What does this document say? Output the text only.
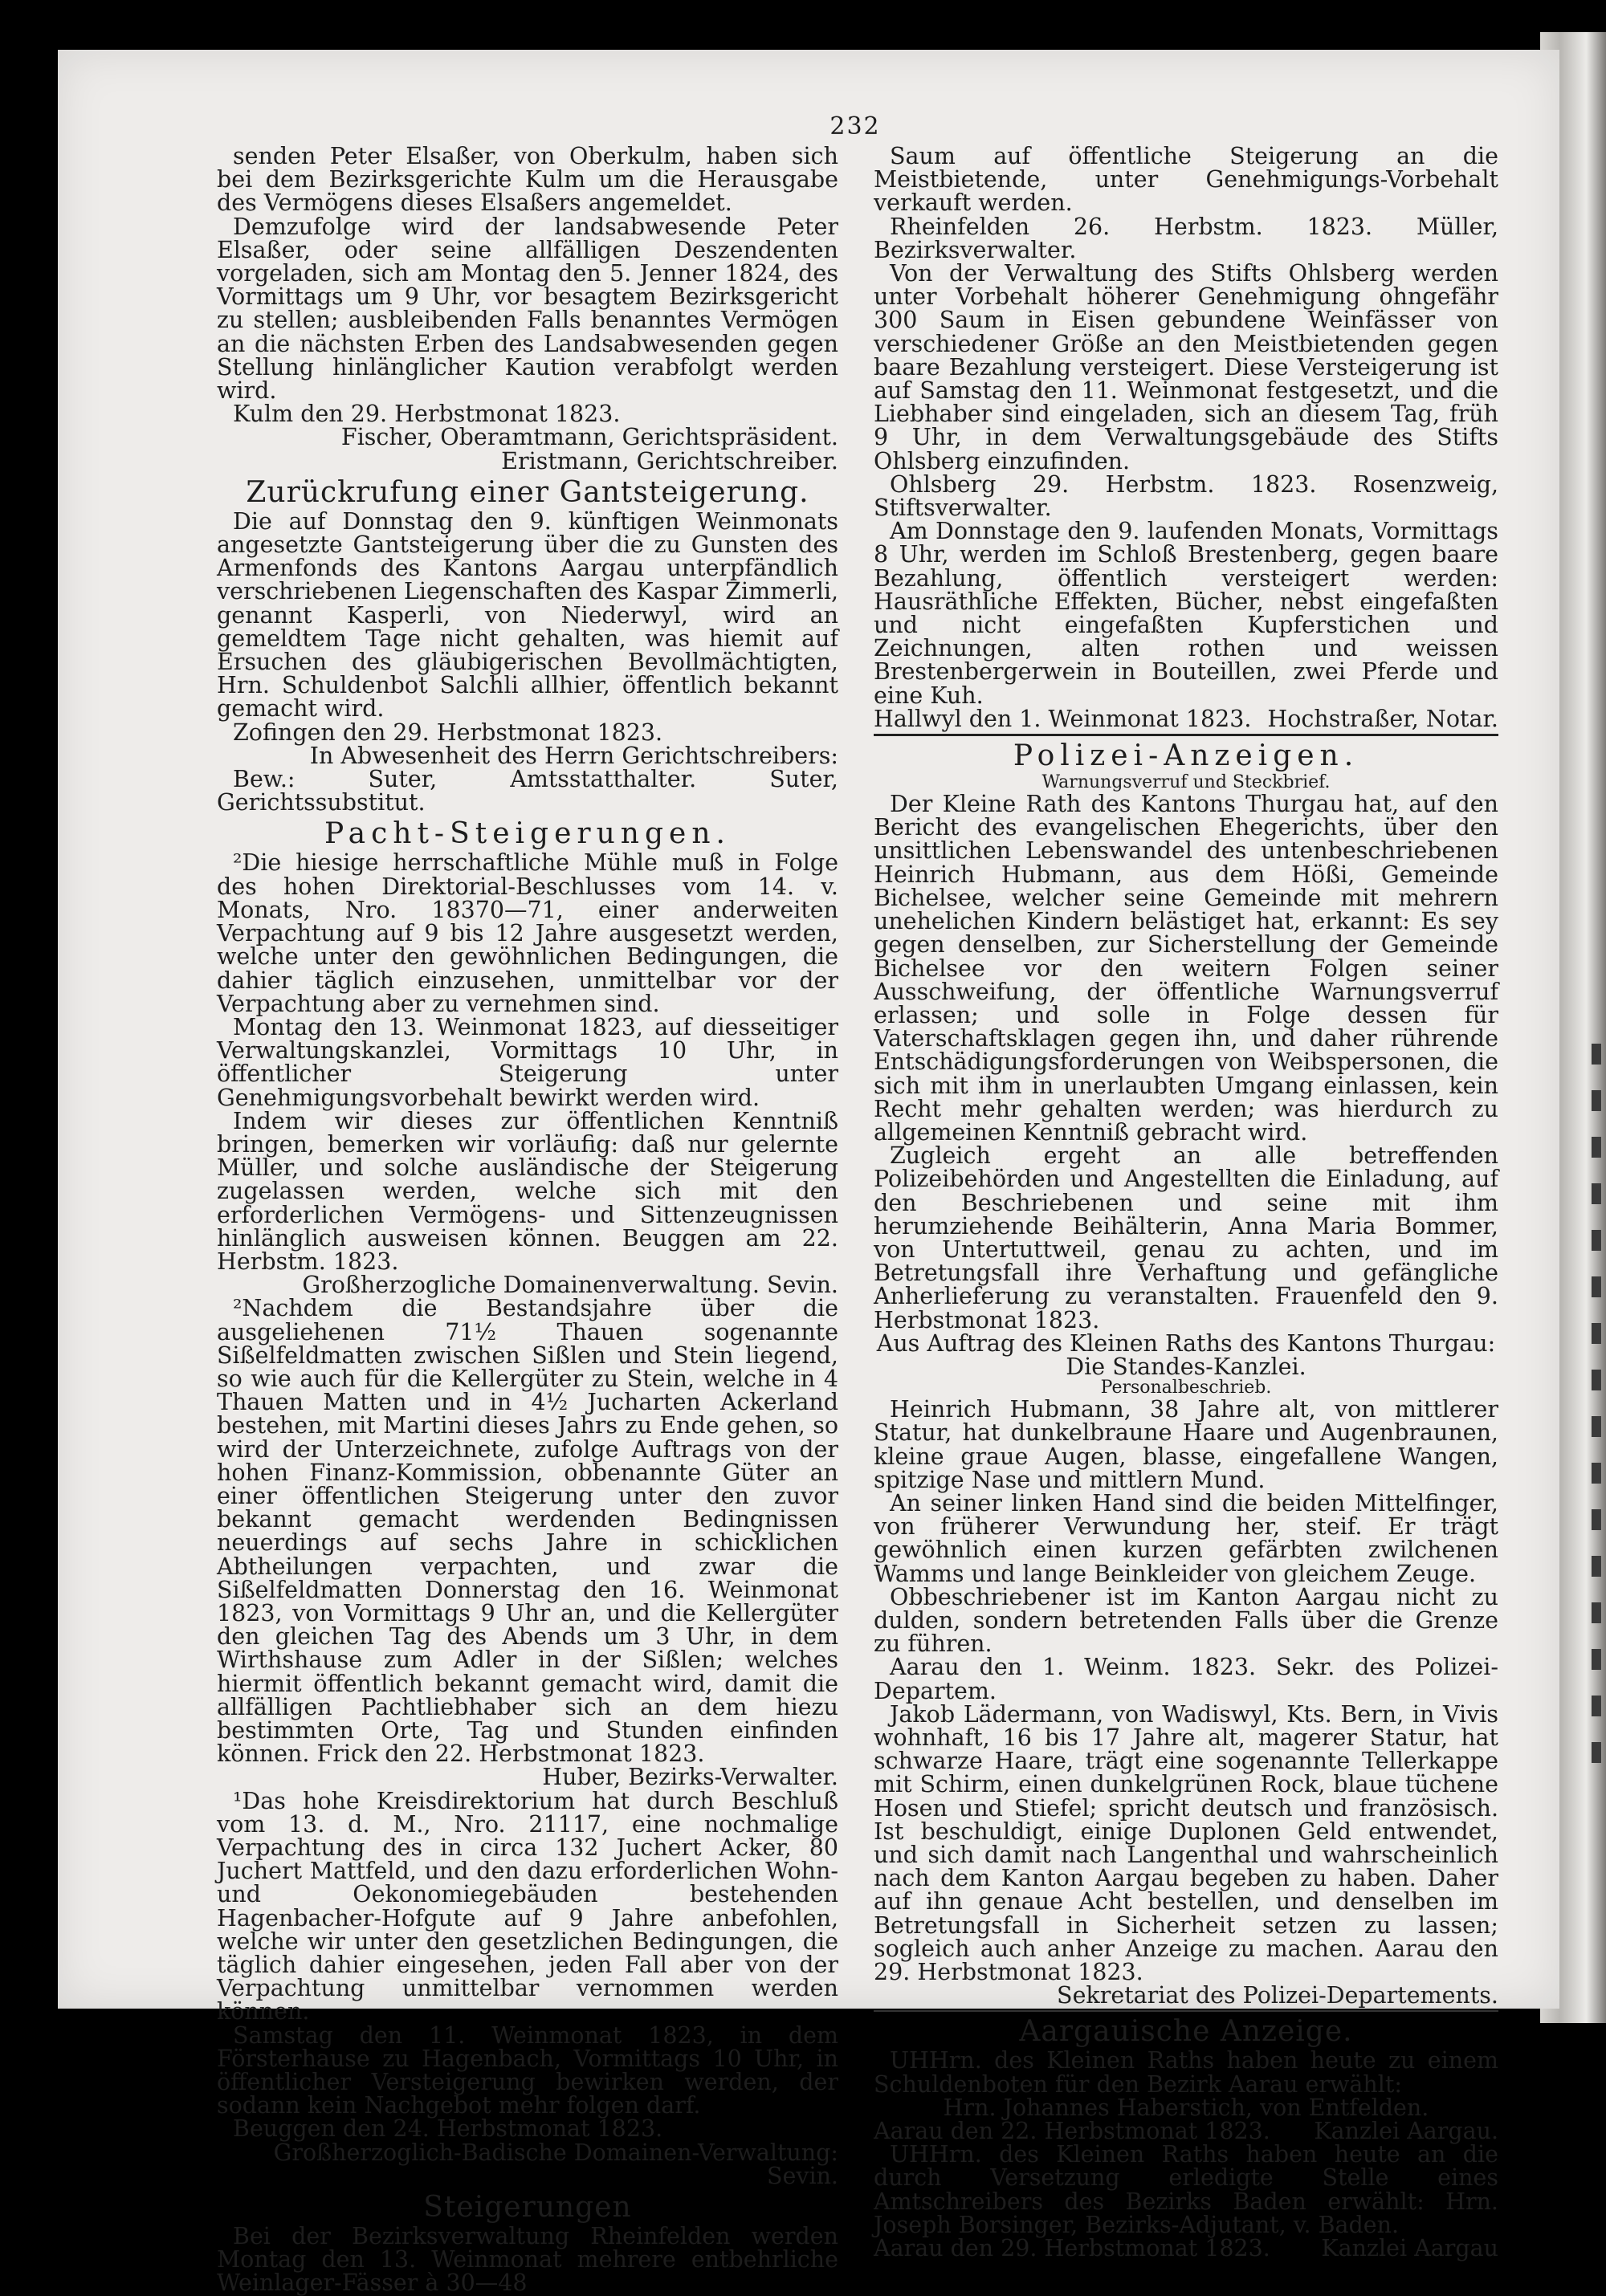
232

senden Peter Elsaßer, von Oberkulm, haben sich bei dem Bezirksgerichte Kulm um die Herausgabe des Vermögens dieses Elsaßers angemeldet.

Demzufolge wird der landsabwesende Peter Elsaßer, oder seine allfälligen Deszendenten vorgeladen, sich am Montag den 5. Jenner 1824, des Vormittags um 9 Uhr, vor besagtem Bezirksgericht zu stellen; ausbleibenden Falls benanntes Vermögen an die nächsten Erben des Landsabwesenden gegen Stellung hinlänglicher Kaution verabfolgt werden wird.

Kulm den 29. Herbstmonat 1823.

Fischer, Oberamtmann, Gerichtspräsident.

Eristmann, Gerichtschreiber.

Zurückrufung einer Gantsteigerung.

Die auf Donnstag den 9. künftigen Weinmonats angesetzte Gantsteigerung über die zu Gunsten des Armenfonds des Kantons Aargau unterpfändlich verschriebenen Liegenschaften des Kaspar Zimmerli, genannt Kasperli, von Niederwyl, wird an gemeldtem Tage nicht gehalten, was hiemit auf Ersuchen des gläubigerischen Bevollmächtigten, Hrn. Schuldenbot Salchli allhier, öffentlich bekannt gemacht wird.

Zofingen den 29. Herbstmonat 1823.

In Abwesenheit des Herrn Gerichtschreibers:

Bew.: Suter, Amtsstatthalter. Suter, Gerichtssubstitut.

Pacht-Steigerungen.

²Die hiesige herrschaftliche Mühle muß in Folge des hohen Direktorial-Beschlusses vom 14. v. Monats, Nro. 18370—71, einer anderweiten Verpachtung auf 9 bis 12 Jahre ausgesetzt werden, welche unter den gewöhnlichen Bedingungen, die dahier täglich einzusehen, unmittelbar vor der Verpachtung aber zu vernehmen sind.

Montag den 13. Weinmonat 1823, auf diesseitiger Verwaltungskanzlei, Vormittags 10 Uhr, in öffentlicher Steigerung unter Genehmigungsvorbehalt bewirkt werden wird.

Indem wir dieses zur öffentlichen Kenntniß bringen, bemerken wir vorläufig: daß nur gelernte Müller, und solche ausländische der Steigerung zugelassen werden, welche sich mit den erforderlichen Vermögens- und Sittenzeugnissen hinlänglich ausweisen können. Beuggen am 22. Herbstm. 1823.

Großherzogliche Domainenverwaltung. Sevin.

²Nachdem die Bestandsjahre über die ausgeliehenen 71½ Thauen sogenannte Sißelfeldmatten zwischen Sißlen und Stein liegend, so wie auch für die Kellergüter zu Stein, welche in 4 Thauen Matten und in 4½ Jucharten Ackerland bestehen, mit Martini dieses Jahrs zu Ende gehen, so wird der Unterzeichnete, zufolge Auftrags von der hohen Finanz-Kommission, obbenannte Güter an einer öffentlichen Steigerung unter den zuvor bekannt gemacht werdenden Bedingnissen neuerdings auf sechs Jahre in schicklichen Abtheilungen verpachten, und zwar die Sißelfeldmatten Donnerstag den 16. Weinmonat 1823, von Vormittags 9 Uhr an, und die Kellergüter den gleichen Tag des Abends um 3 Uhr, in dem Wirthshause zum Adler in der Sißlen; welches hiermit öffentlich bekannt gemacht wird, damit die allfälligen Pachtliebhaber sich an dem hiezu bestimmten Orte, Tag und Stunden einfinden können. Frick den 22. Herbstmonat 1823.

Huber, Bezirks-Verwalter.

¹Das hohe Kreisdirektorium hat durch Beschluß vom 13. d. M., Nro. 21117, eine nochmalige Verpachtung des in circa 132 Juchert Acker, 80 Juchert Mattfeld, und den dazu erforderlichen Wohn- und Oekonomiegebäuden bestehenden Hagenbacher-Hofgute auf 9 Jahre anbefohlen, welche wir unter den gesetzlichen Bedingungen, die täglich dahier eingesehen, jeden Fall aber von der Verpachtung unmittelbar vernommen werden können.

Samstag den 11. Weinmonat 1823, in dem Försterhause zu Hagenbach, Vormittags 10 Uhr, in öffentlicher Versteigerung bewirken werden, der sodann kein Nachgebot mehr folgen darf.

Beuggen den 24. Herbstmonat 1823.

Großherzoglich-Badische Domainen-Verwaltung: Sevin.

Steigerungen

Bei der Bezirksverwaltung Rheinfelden werden Montag den 13. Weinmonat mehrere entbehrliche Weinlager-Fässer à 30—48

Saum auf öffentliche Steigerung an die Meistbietende, unter Genehmigungs-Vorbehalt verkauft werden.

Rheinfelden 26. Herbstm. 1823. Müller, Bezirksverwalter.

Von der Verwaltung des Stifts Ohlsberg werden unter Vorbehalt höherer Genehmigung ohngefähr 300 Saum in Eisen gebundene Weinfässer von verschiedener Größe an den Meistbietenden gegen baare Bezahlung versteigert. Diese Versteigerung ist auf Samstag den 11. Weinmonat festgesetzt, und die Liebhaber sind eingeladen, sich an diesem Tag, früh 9 Uhr, in dem Verwaltungsgebäude des Stifts Ohlsberg einzufinden.

Ohlsberg 29. Herbstm. 1823. Rosenzweig, Stiftsverwalter.

Am Donnstage den 9. laufenden Monats, Vormittags 8 Uhr, werden im Schloß Brestenberg, gegen baare Bezahlung, öffentlich versteigert werden: Hausräthliche Effekten, Bücher, nebst eingefaßten und nicht eingefaßten Kupferstichen und Zeichnungen, alten rothen und weissen Brestenbergerwein in Bouteillen, zwei Pferde und eine Kuh.

Hallwyl den 1. Weinmonat 1823. Hochstraßer, Notar.
Polizei-Anzeigen.

Warnungsverruf und Steckbrief.

Der Kleine Rath des Kantons Thurgau hat, auf den Bericht des evangelischen Ehegerichts, über den unsittlichen Lebenswandel des untenbeschriebenen Heinrich Hubmann, aus dem Hößi, Gemeinde Bichelsee, welcher seine Gemeinde mit mehrern unehelichen Kindern belästiget hat, erkannt: Es sey gegen denselben, zur Sicherstellung der Gemeinde Bichelsee vor den weitern Folgen seiner Ausschweifung, der öffentliche Warnungsverruf erlassen; und solle in Folge dessen für Vaterschaftsklagen gegen ihn, und daher rührende Entschädigungsforderungen von Weibspersonen, die sich mit ihm in unerlaubten Umgang einlassen, kein Recht mehr gehalten werden; was hierdurch zu allgemeinen Kenntniß gebracht wird.

Zugleich ergeht an alle betreffenden Polizeibehörden und Angestellten die Einladung, auf den Beschriebenen und seine mit ihm herumziehende Beihälterin, Anna Maria Bommer, von Untertuttweil, genau zu achten, und im Betretungsfall ihre Verhaftung und gefängliche Anherlieferung zu veranstalten. Frauenfeld den 9. Herbstmonat 1823.

Aus Auftrag des Kleinen Raths des Kantons Thurgau:

Die Standes-Kanzlei.

Personalbeschrieb.

Heinrich Hubmann, 38 Jahre alt, von mittlerer Statur, hat dunkelbraune Haare und Augenbraunen, kleine graue Augen, blasse, eingefallene Wangen, spitzige Nase und mittlern Mund.

An seiner linken Hand sind die beiden Mittelfinger, von früherer Verwundung her, steif. Er trägt gewöhnlich einen kurzen gefärbten zwilchenen Wamms und lange Beinkleider von gleichem Zeuge.

Obbeschriebener ist im Kanton Aargau nicht zu dulden, sondern betretenden Falls über die Grenze zu führen.

Aarau den 1. Weinm. 1823. Sekr. des Polizei-Departem.

Jakob Lädermann, von Wadiswyl, Kts. Bern, in Vivis wohnhaft, 16 bis 17 Jahre alt, magerer Statur, hat schwarze Haare, trägt eine sogenannte Tellerkappe mit Schirm, einen dunkelgrünen Rock, blaue tüchene Hosen und Stiefel; spricht deutsch und französisch. Ist beschuldigt, einige Duplonen Geld entwendet, und sich damit nach Langenthal und wahrscheinlich nach dem Kanton Aargau begeben zu haben. Daher auf ihn genaue Acht bestellen, und denselben im Betretungsfall in Sicherheit setzen zu lassen; sogleich auch anher Anzeige zu machen. Aarau den 29. Herbstmonat 1823.

Sekretariat des Polizei-Departements.

Aargauische Anzeige.

UHHrn. des Kleinen Raths haben heute zu einem Schuldenboten für den Bezirk Aarau erwählt:

Hrn. Johannes Haberstich, von Entfelden.

Aarau den 22. Herbstmonat 1823. Kanzlei Aargau.

UHHrn. des Kleinen Raths haben heute an die durch Versetzung erledigte Stelle eines Amtschreibers des Bezirks Baden erwählt: Hrn. Joseph Borsinger, Bezirks-Adjutant, v. Baden.

Aarau den 29. Herbstmonat 1823. Kanzlei Aargau
